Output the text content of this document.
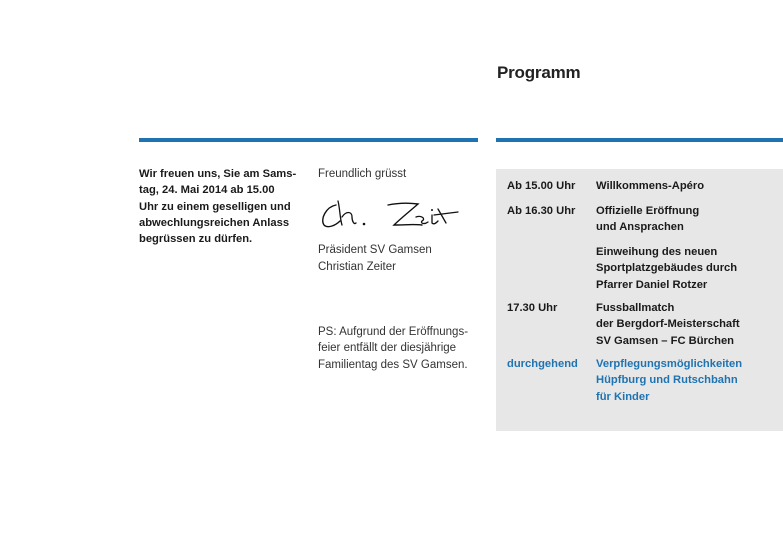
Programm
Wir freuen uns, Sie am Sams-
tag, 24. Mai 2014 ab 15.00
Uhr zu einem geselligen und
abwechlungsreichen Anlass
begrüssen zu dürfen.
Freundlich grüsst
Präsident SV Gamsen
Christian Zeiter
PS: Aufgrund der Eröffnungs-
feier entfällt der diesjährige
Familientag des SV Gamsen.
Ab 15.00 Uhr Willkommens-Apéro
Ab 16.30 Uhr Offizielle Eröffnung
und Ansprachen
Einweihung des neuen
Sportplatzgebäudes durch
Pfarrer Daniel Rotzer
17.30 Uhr	Fussballmatch
der Bergdorf-Meisterschaft
SV Gamsen – FC Bürchen
durchgehend Verpflegungsmöglichkeiten
Hüpfburg und Rutschbahn
für Kinder
